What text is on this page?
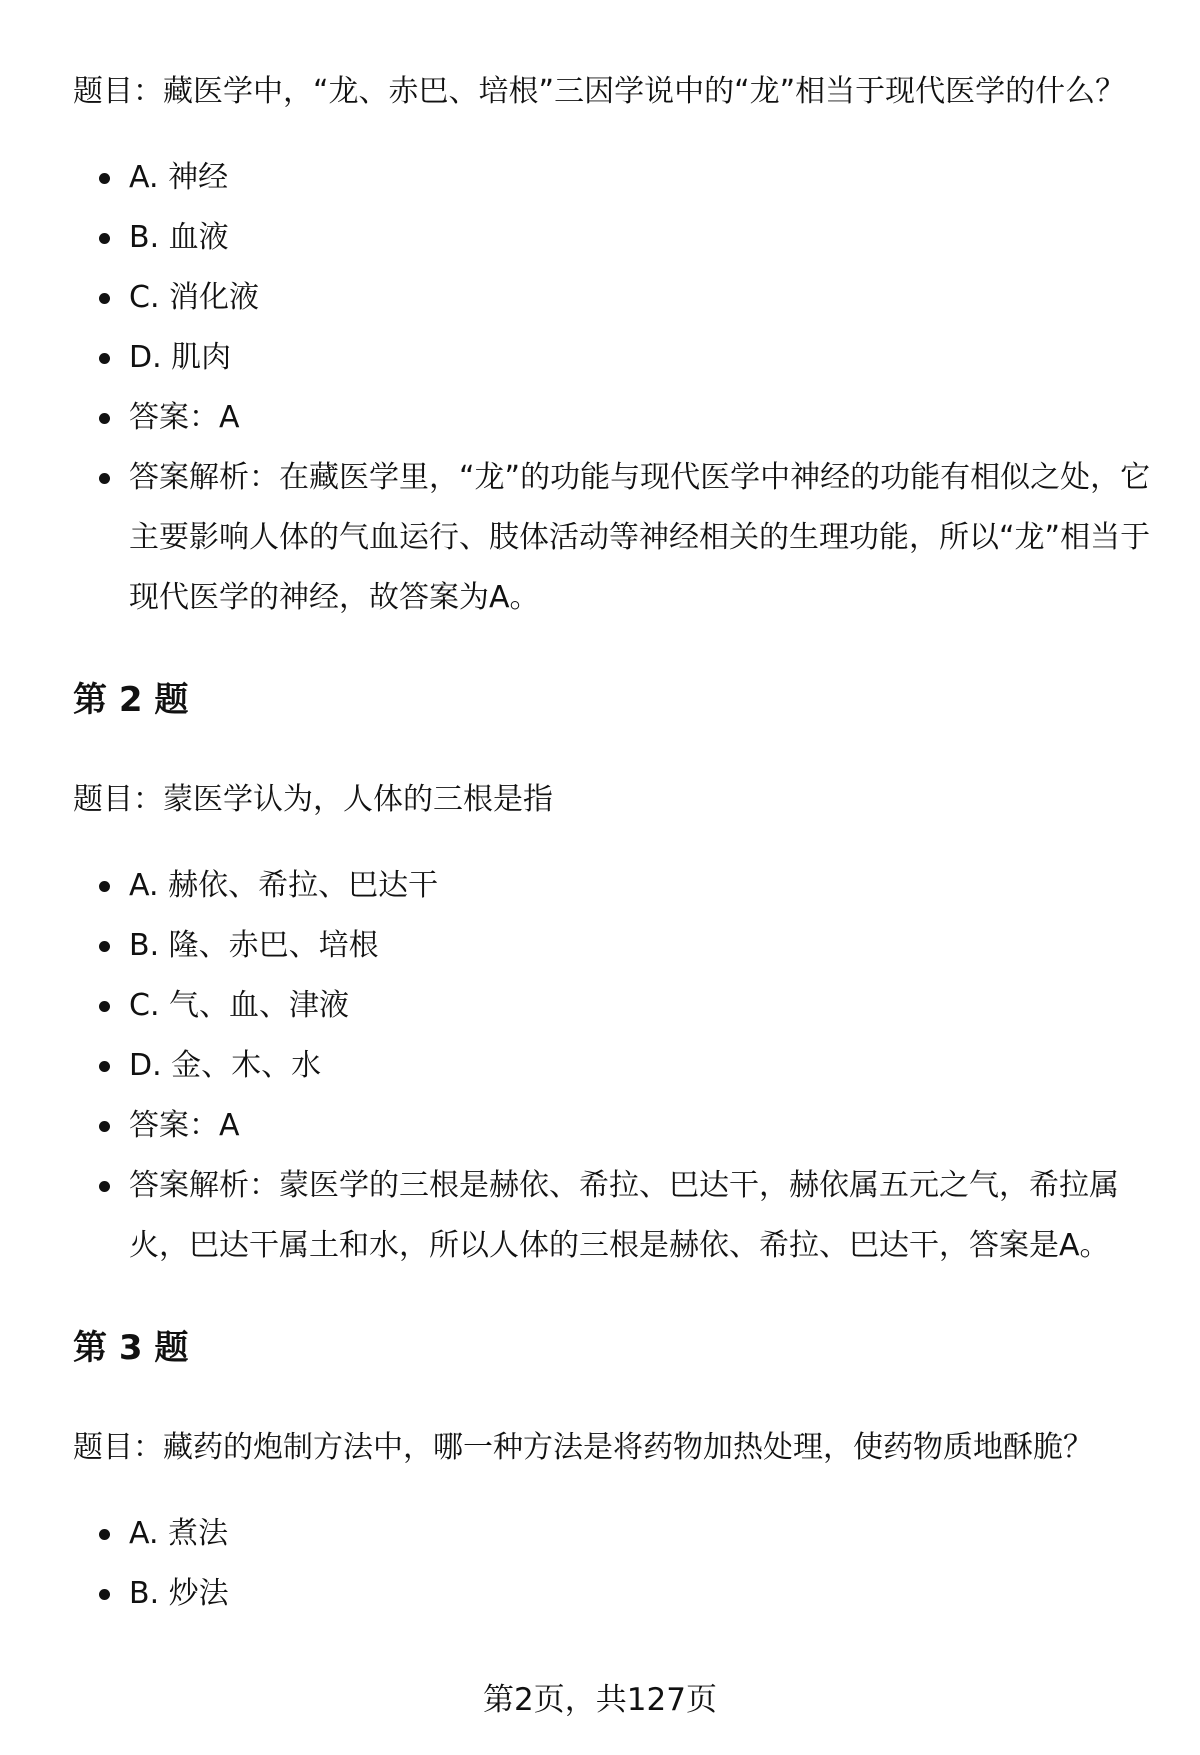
题目：藏医学中，“龙、赤巴、培根”三因学说中的“龙”相当于现代医学的什么？

A. 神经
B. 血液
C. 消化液
D. 肌肉
答案：A
答案解析：在藏医学里，“龙”的功能与现代医学中神经的功能有相似之处，它主要影响人体的气血运行、肢体活动等神经相关的生理功能，所以“龙”相当于现代医学的神经，故答案为A。
第 2 题

题目：蒙医学认为，人体的三根是指

A. 赫依、希拉、巴达干
B. 隆、赤巴、培根
C. 气、血、津液
D. 金、木、水
答案：A
答案解析：蒙医学的三根是赫依、希拉、巴达干，赫依属五元之气，希拉属火，巴达干属土和水，所以人体的三根是赫依、希拉、巴达干，答案是A。
第 3 题

题目：藏药的炮制方法中，哪一种方法是将药物加热处理，使药物质地酥脆？

A. 煮法
B. 炒法
第2页，共127页
